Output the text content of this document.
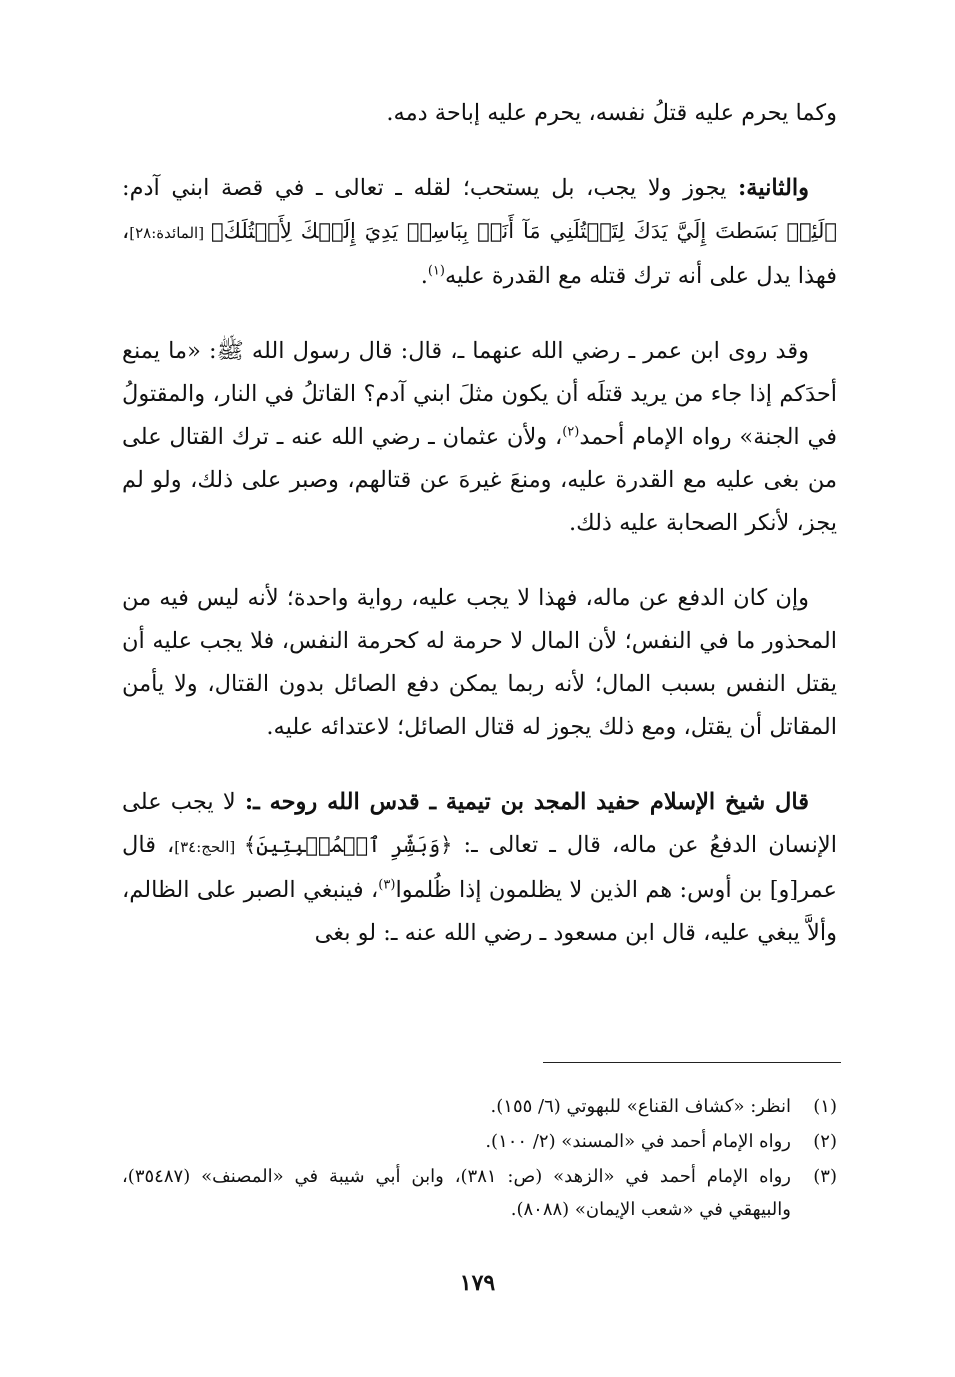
وكما يحرم عليه قتلُ نفسه، يحرم عليه إباحة دمه.

والثانية: يجوز ولا يجب، بل يستحب؛ لقله ـ تعالى ـ في قصة ابني آدم: ﴿لَئِنۢ بَسَطتَ إِلَيَّ يَدَكَ لِتَقۡتُلَنِي مَآ أَنَا۠ بِبَاسِطٖ يَدِيَ إِلَيۡكَ لِأَقۡتُلَكَ﴾ [المائدة:٢٨]، فهذا يدل على أنه ترك قتله مع القدرة عليه$^{(١)}$.

وقد روى ابن عمر ـ رضي الله عنهما ـ، قال: قال رسول الله ﷺ: «ما يمنع أحدَكم إذا جاء من يريد قتلَه أن يكون مثلَ ابني آدم؟ القاتلُ في النار، والمقتولُ في الجنة» رواه الإمام أحمد$^{(٢)}$، ولأن عثمان ـ رضي الله عنه ـ ترك القتال على من بغى عليه مع القدرة عليه، ومنعَ غيرهَ عن قتالهم، وصبر على ذلك، ولو لم يجز، لأنكر الصحابة عليه ذلك.

وإن كان الدفع عن ماله، فهذا لا يجب عليه، رواية واحدة؛ لأنه ليس فيه من المحذور ما في النفس؛ لأن المال لا حرمة له كحرمة النفس، فلا يجب عليه أن يقتل النفس بسبب المال؛ لأنه ربما يمكن دفع الصائل بدون القتال، ولا يأمن المقاتل أن يقتل، ومع ذلك يجوز له قتال الصائل؛ لاعتدائه عليه.

قال شيخ الإسلام حفيد المجد بن تيمية ـ قدس الله روحه ـ: لا يجب على الإنسان الدفعُ عن ماله، قال ـ تعالى ـ: ﴿وَبَشِّرِ ٱلۡمُخۡبِتِينَ﴾ [الحج:٣٤]، قال عمر[و] بن أوس: هم الذين لا يظلمون إذا ظُلموا$^{(٣)}$، فينبغي الصبر على الظالم، وألاَّ يبغي عليه، قال ابن مسعود ـ رضي الله عنه ـ: لو بغى

(١)
انظر: «كشاف القناع» للبهوتي (٦/ ١٥٥).
(٢)
رواه الإمام أحمد في «المسند» (٢/ ١٠٠).
(٣)
رواه الإمام أحمد في «الزهد» (ص: ٣٨١)، وابن أبي شيبة في «المصنف» (٣٥٤٨٧)، والبيهقي في «شعب الإيمان» (٨٠٨٨).
١٧٩
